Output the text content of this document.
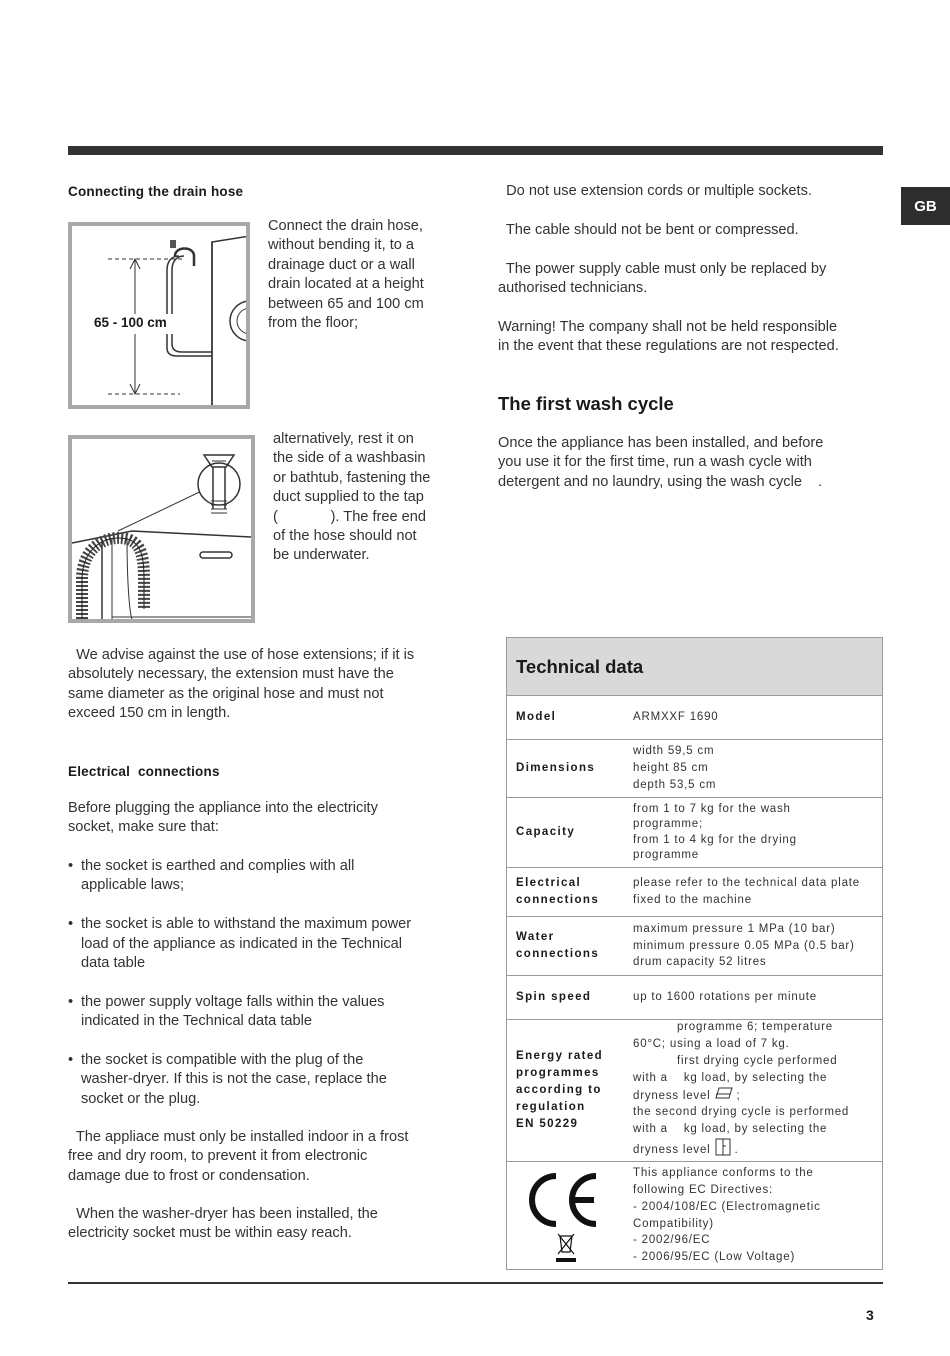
GB
Connecting the drain hose
65 - 100 cm
Connect the drain hose,
without bending it, to a
drainage duct or a wall
drain located at a height
between 65 and 100 cm
from the floor;
alternatively, rest it on
the side of a washbasin
or bathtub, fastening the
duct supplied to the tap
(             ). The free end
of the hose should not
be underwater.
We advise against the use of hose extensions; if it is
absolutely necessary, the extension must have the
same diameter as the original hose and must not
exceed 150 cm in length.
Electrical  connections
Before plugging the appliance into the electricity
socket, make sure that:
• the socket is earthed and complies with all
applicable laws;
• the socket is able to withstand the maximum power
load of the appliance as indicated in the Technical
data table
• the power supply voltage falls within the values
indicated in the Technical data table
• the socket is compatible with the plug of the
washer-dryer. If this is not the case, replace the
socket or the plug.
The appliace must only be installed indoor in a frost
free and dry room, to prevent it from electronic
damage due to frost or condensation.
When the washer-dryer has been installed, the
electricity socket must be within easy reach.
Do not use extension cords or multiple sockets.
The cable should not be bent or compressed.
The power supply cable must only be replaced by
authorised technicians.
Warning! The company shall not be held responsible
in the event that these regulations are not respected.
The first wash cycle
Once the appliance has been installed, and before
you use it for the first time, run a wash cycle with
detergent and no laundry, using the wash cycle    .
Technical data
Model	ARMXXF 1690
Dimensions
width 59,5 cm
height 85 cm
depth 53,5 cm
Capacity
from 1 to 7 kg for the wash
programme;
from 1 to 4 kg for the drying
programme
Electrical
connections
please refer to the technical data plate
fixed to the machine
Water
connections
maximum pressure 1 MPa (10 bar)
minimum pressure 0.05 MPa (0.5 bar)
drum capacity 52 litres
Spin speed	up to 1600 rotations per minute
Energy rated
programmes
according to
regulation
EN 50229
programme 6; temperature
60°C; using a load of 7 kg.
first drying cycle performed
with a    kg load, by selecting the
dryness level  ;
the second drying cycle is performed
with a    kg load, by selecting the
dryness level  .
This appliance conforms to the
following EC Directives:
- 2004/108/EC (Electromagnetic
Compatibility)
- 2002/96/EC
- 2006/95/EC (Low Voltage)
3
